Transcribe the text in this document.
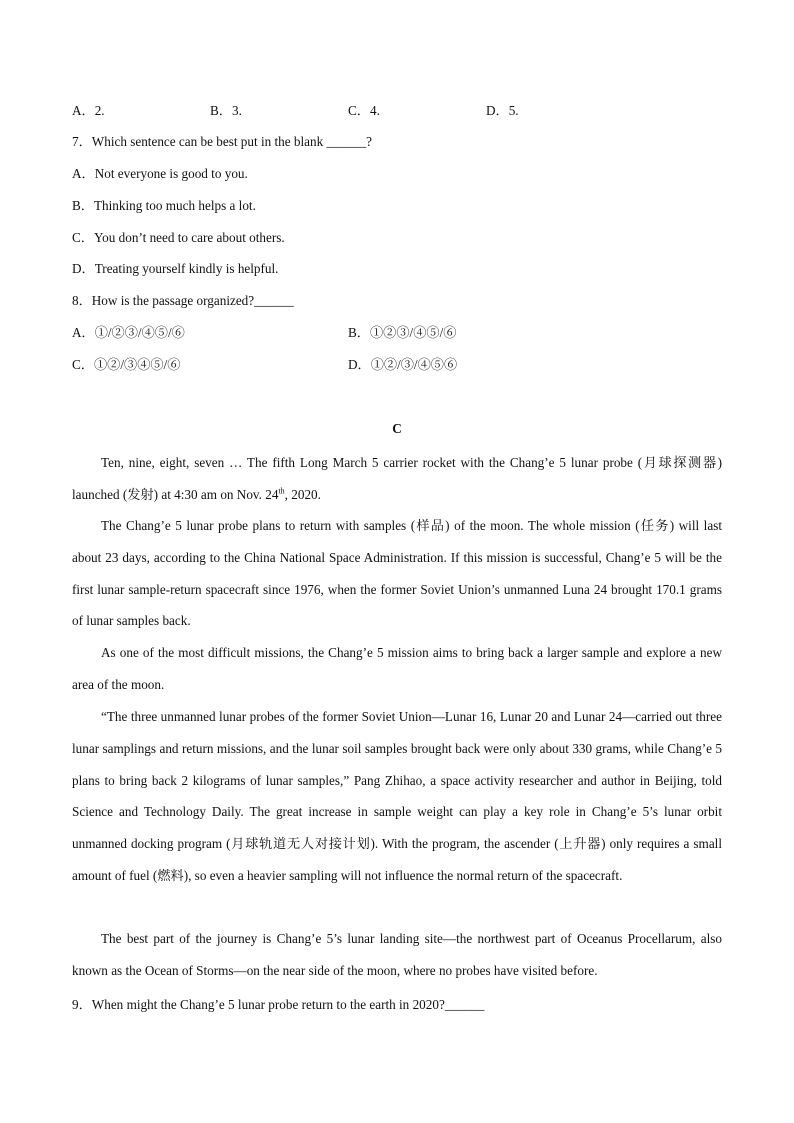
A．2.	B．3.	C．4.	D．5.
7．Which sentence can be best put in the blank ______?
A．Not everyone is good to you.
B．Thinking too much helps a lot.
C．You don’t need to care about others.
D．Treating yourself kindly is helpful.
8．How is the passage organized?______
A．①/②③/④⑤/⑥	B．①②③/④⑤/⑥
C．①②/③④⑤/⑥	D．①②/③/④⑤⑥
C

Ten, nine, eight, seven … The fifth Long March 5 carrier rocket with the Chang’e 5 lunar probe (月球探测器) launched (发射) at 4:30 am on Nov. 24th, 2020.

The Chang’e 5 lunar probe plans to return with samples (样品) of the moon. The whole mission (任务) will last about 23 days, according to the China National Space Administration. If this mission is successful, Chang’e 5 will be the first lunar sample-return spacecraft since 1976, when the former Soviet Union’s unmanned Luna 24 brought 170.1 grams of lunar samples back.

As one of the most difficult missions, the Chang’e 5 mission aims to bring back a larger sample and explore a new area of the moon.

“The three unmanned lunar probes of the former Soviet Union—Lunar 16, Lunar 20 and Lunar 24—carried out three lunar samplings and return missions, and the lunar soil samples brought back were only about 330 grams, while Chang’e 5 plans to bring back 2 kilograms of lunar samples,” Pang Zhihao, a space activity researcher and author in Beijing, told Science and Technology Daily. The great increase in sample weight can play a key role in Chang’e 5’s lunar orbit unmanned docking program (月球轨道无人对接计划). With the program, the ascender (上升器) only requires a small amount of fuel (燃料), so even a heavier sampling will not influence the normal return of the spacecraft.

The best part of the journey is Chang’e 5’s lunar landing site—the northwest part of Oceanus Procellarum, also known as the Ocean of Storms—on the near side of the moon, where no probes have visited before.

9．When might the Chang’e 5 lunar probe return to the earth in 2020?______
